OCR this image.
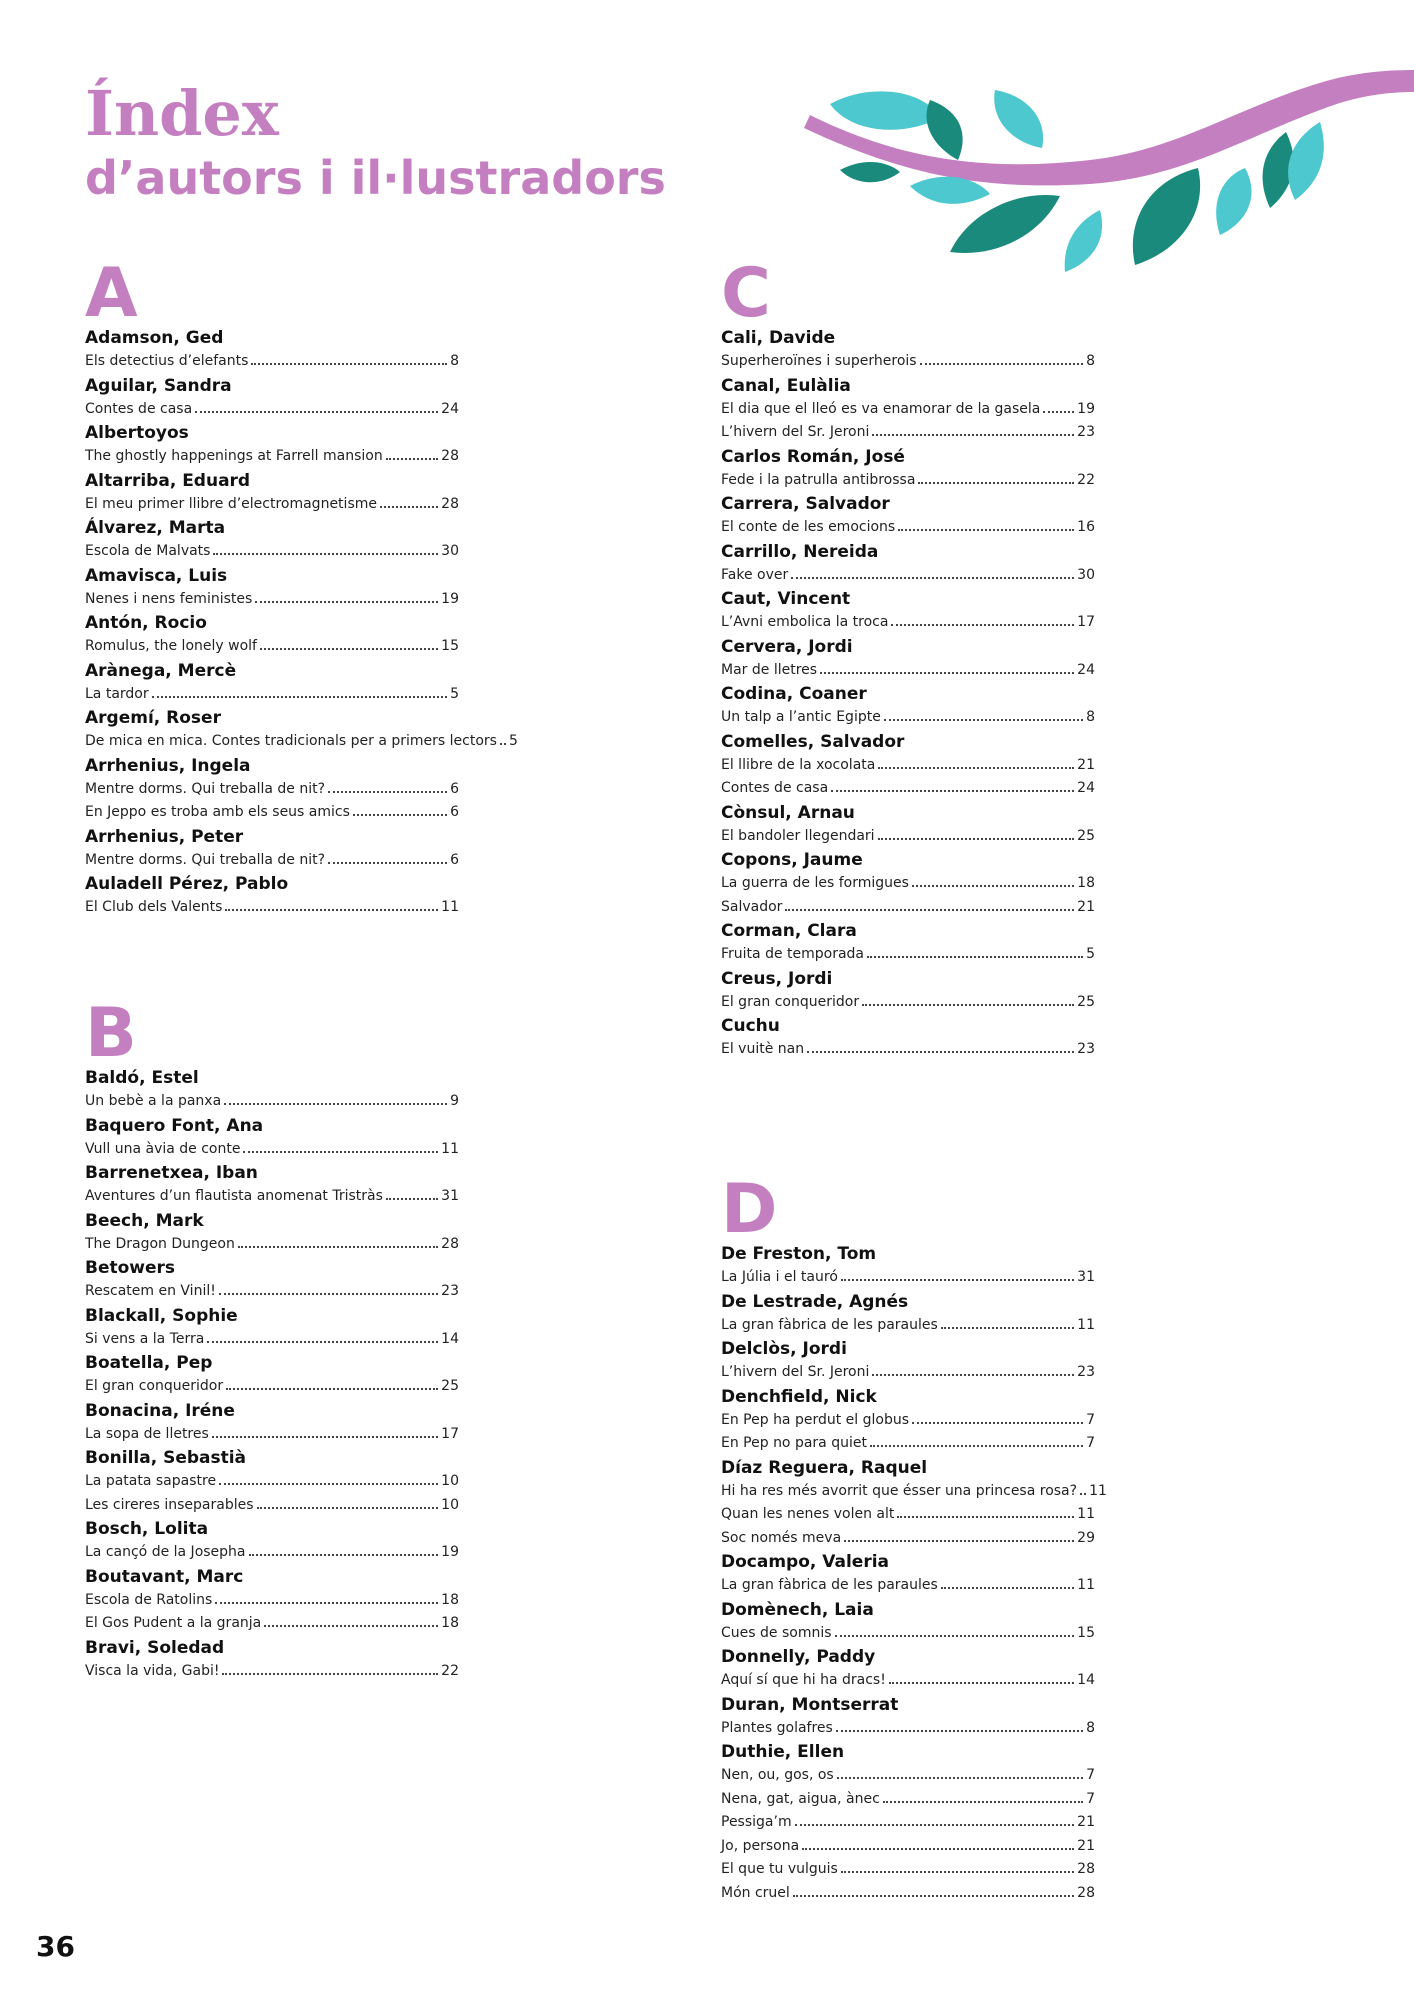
Índex
d’autors i il·lustradors
A
Adamson, Ged
Els detectius d’elefants	8
Aguilar, Sandra
Contes de casa	24
Albertoyos
The ghostly happenings at Farrell mansion	28
Altarriba, Eduard
El meu primer llibre d’electromagnetisme	28
Álvarez, Marta
Escola de Malvats	30
Amavisca, Luis
Nenes i nens feministes	19
Antón, Rocio
Romulus, the lonely wolf	15
Arànega, Mercè
La tardor	5
Argemí, Roser
De mica en mica. Contes tradicionals per a primers lectors 5
Arrhenius, Ingela
Mentre dorms. Qui treballa de nit?	6
En Jeppo es troba amb els seus amics	6
Arrhenius, Peter
Mentre dorms. Qui treballa de nit?	6
Auladell Pérez, Pablo
El Club dels Valents	11
B
Baldó, Estel
Un bebè a la panxa	9
Baquero Font, Ana
Vull una àvia de conte	11
Barrenetxea, Iban
Aventures d’un flautista anomenat Tristràs	31
Beech, Mark
The Dragon Dungeon	28
Betowers
Rescatem en Vinil!	23
Blackall, Sophie
Si vens a la Terra	14
Boatella, Pep
El gran conqueridor	25
Bonacina, Iréne
La sopa de lletres	17
Bonilla, Sebastià
La patata sapastre	10
Les cireres inseparables	10
Bosch, Lolita
La cançó de la Josepha	19
Boutavant, Marc
Escola de Ratolins	18
El Gos Pudent a la granja	18
Bravi, Soledad
Visca la vida, Gabi!	22
C
Cali, Davide
Superheroïnes i superherois	8
Canal, Eulàlia
El dia que el lleó es va enamorar de la gasela	19
L’hivern del Sr. Jeroni	23
Carlos Román, José
Fede i la patrulla antibrossa	22
Carrera, Salvador
El conte de les emocions	16
Carrillo, Nereida
Fake over	30
Caut, Vincent
L’Avni embolica la troca	17
Cervera, Jordi
Mar de lletres	24
Codina, Coaner
Un talp a l’antic Egipte	8
Comelles, Salvador
El llibre de la xocolata	21
Contes de casa	24
Cònsul, Arnau
El bandoler llegendari	25
Copons, Jaume
La guerra de les formigues	18
Salvador	21
Corman, Clara
Fruita de temporada	5
Creus, Jordi
El gran conqueridor	25
Cuchu
El vuitè nan	23
D
De Freston, Tom
La Júlia i el tauró	31
De Lestrade, Agnés
La gran fàbrica de les paraules	11
Delclòs, Jordi
L’hivern del Sr. Jeroni	23
Denchfield, Nick
En Pep ha perdut el globus	7
En Pep no para quiet	7
Díaz Reguera, Raquel
Hi ha res més avorrit que ésser una princesa rosa? 11
Quan les nenes volen alt	11
Soc només meva	29
Docampo, Valeria
La gran fàbrica de les paraules	11
Domènech, Laia
Cues de somnis	15
Donnelly, Paddy
Aquí sí que hi ha dracs!	14
Duran, Montserrat
Plantes golafres	8
Duthie, Ellen
Nen, ou, gos, os	7
Nena, gat, aigua, ànec	7
Pessiga’m	21
Jo, persona	21
El que tu vulguis	28
Món cruel	28

36
